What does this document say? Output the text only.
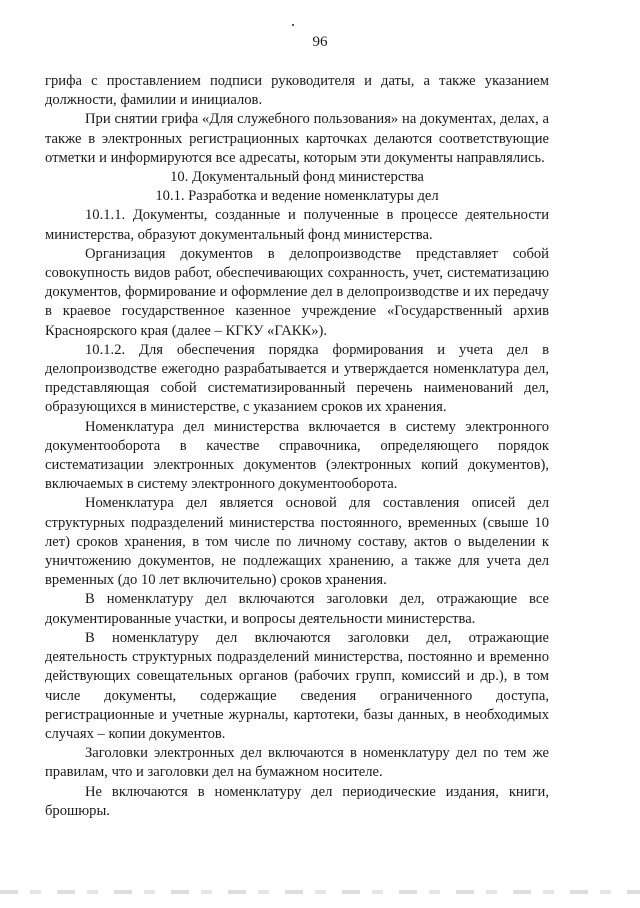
96

грифа с проставлением подписи руководителя и даты, а также указанием должности, фамилии и инициалов.

При снятии грифа «Для служебного пользования» на документах, делах, а также в электронных регистрационных карточках делаются соответствующие отметки и информируются все адресаты, которым эти документы направлялись.

10. Документальный фонд министерства

10.1. Разработка и ведение номенклатуры дел

10.1.1. Документы, созданные и полученные в процессе деятельности министерства, образуют документальный фонд министерства.

Организация документов в делопроизводстве представляет собой совокупность видов работ, обеспечивающих сохранность, учет, систематизацию документов, формирование и оформление дел в делопроизводстве и их передачу в краевое государственное казенное учреждение «Государственный архив Красноярского края (далее – КГКУ «ГАКК»).

10.1.2. Для обеспечения порядка формирования и учета дел в делопроизводстве ежегодно разрабатывается и утверждается номенклатура дел, представляющая собой систематизированный перечень наименований дел, образующихся в министерстве, с указанием сроков их хранения.

Номенклатура дел министерства включается в систему электронного документооборота в качестве справочника, определяющего порядок систематизации электронных документов (электронных копий документов), включаемых в систему электронного документооборота.

Номенклатура дел является основой для составления описей дел структурных подразделений министерства постоянного, временных (свыше 10 лет) сроков хранения, в том числе по личному составу, актов о выделении к уничтожению документов, не подлежащих хранению, а также для учета дел временных (до 10 лет включительно) сроков хранения.

В номенклатуру дел включаются заголовки дел, отражающие все документированные участки, и вопросы деятельности министерства.

В номенклатуру дел включаются заголовки дел, отражающие деятельность структурных подразделений министерства, постоянно и временно действующих совещательных органов (рабочих групп, комиссий и др.), в том числе документы, содержащие сведения ограниченного доступа, регистрационные и учетные журналы, картотеки, базы данных, в необходимых случаях – копии документов.

Заголовки электронных дел включаются в номенклатуру дел по тем же правилам, что и заголовки дел на бумажном носителе.

Не включаются в номенклатуру дел периодические издания, книги, брошюры.
